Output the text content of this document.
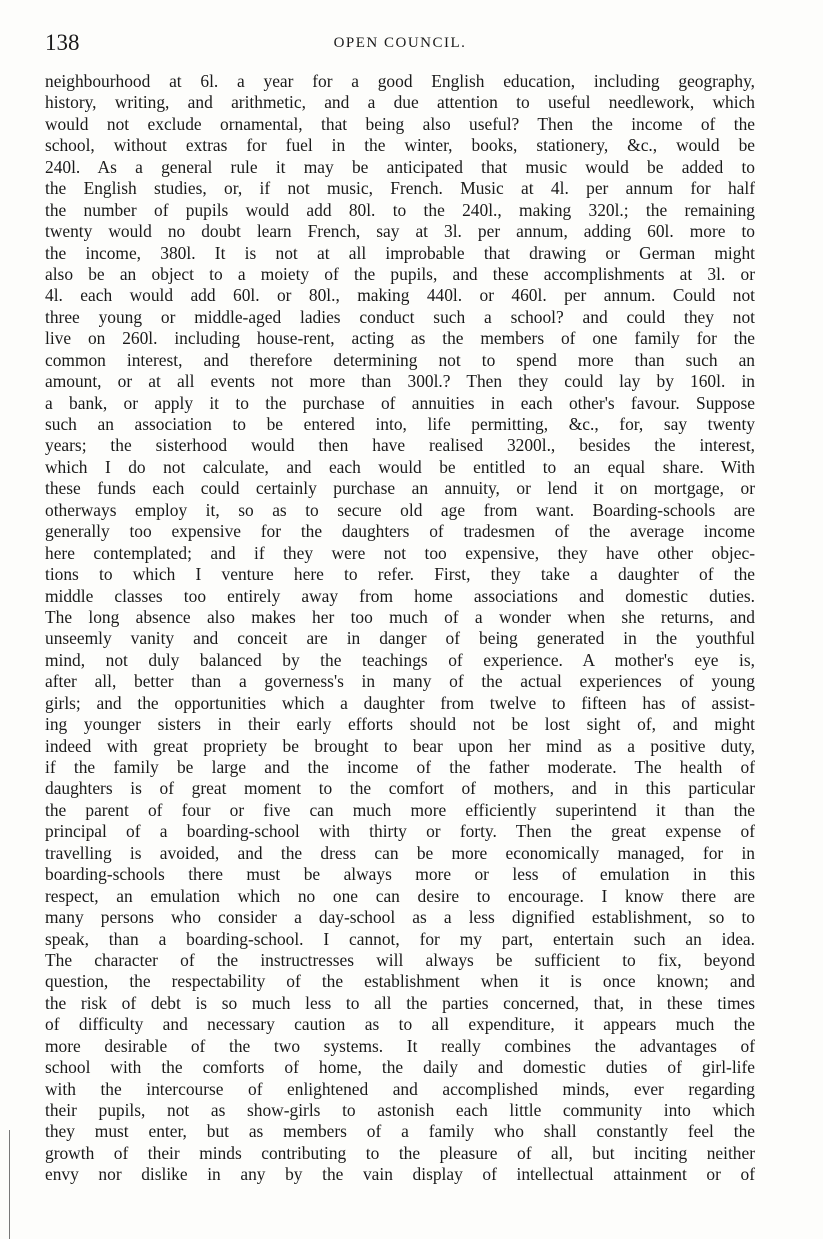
138	OPEN COUNCIL.
neighbourhood at 6l. a year for a good English education, including geography,
history, writing, and arithmetic, and a due attention to useful needlework, which
would not exclude ornamental, that being also useful? Then the income of the
school, without extras for fuel in the winter, books, stationery, &c., would be
240l. As a general rule it may be anticipated that music would be added to
the English studies, or, if not music, French. Music at 4l. per annum for half
the number of pupils would add 80l. to the 240l., making 320l.; the remaining
twenty would no doubt learn French, say at 3l. per annum, adding 60l. more to
the income, 380l. It is not at all improbable that drawing or German might
also be an object to a moiety of the pupils, and these accomplishments at 3l. or
4l. each would add 60l. or 80l., making 440l. or 460l. per annum. Could not
three young or middle-aged ladies conduct such a school? and could they not
live on 260l. including house-rent, acting as the members of one family for the
common interest, and therefore determining not to spend more than such an
amount, or at all events not more than 300l.? Then they could lay by 160l. in
a bank, or apply it to the purchase of annuities in each other's favour. Suppose
such an association to be entered into, life permitting, &c., for, say twenty
years; the sisterhood would then have realised 3200l., besides the interest,
which I do not calculate, and each would be entitled to an equal share. With
these funds each could certainly purchase an annuity, or lend it on mortgage, or
otherways employ it, so as to secure old age from want. Boarding-schools are
generally too expensive for the daughters of tradesmen of the average income
here contemplated; and if they were not too expensive, they have other objec-
tions to which I venture here to refer. First, they take a daughter of the
middle classes too entirely away from home associations and domestic duties.
The long absence also makes her too much of a wonder when she returns, and
unseemly vanity and conceit are in danger of being generated in the youthful
mind, not duly balanced by the teachings of experience. A mother's eye is,
after all, better than a governess's in many of the actual experiences of young
girls; and the opportunities which a daughter from twelve to fifteen has of assist-
ing younger sisters in their early efforts should not be lost sight of, and might
indeed with great propriety be brought to bear upon her mind as a positive duty,
if the family be large and the income of the father moderate. The health of
daughters is of great moment to the comfort of mothers, and in this particular
the parent of four or five can much more efficiently superintend it than the
principal of a boarding-school with thirty or forty. Then the great expense of
travelling is avoided, and the dress can be more economically managed, for in
boarding-schools there must be always more or less of emulation in this
respect, an emulation which no one can desire to encourage. I know there are
many persons who consider a day-school as a less dignified establishment, so to
speak, than a boarding-school. I cannot, for my part, entertain such an idea.
The character of the instructresses will always be sufficient to fix, beyond
question, the respectability of the establishment when it is once known; and
the risk of debt is so much less to all the parties concerned, that, in these times
of difficulty and necessary caution as to all expenditure, it appears much the
more desirable of the two systems. It really combines the advantages of
school with the comforts of home, the daily and domestic duties of girl-life
with the intercourse of enlightened and accomplished minds, ever regarding
their pupils, not as show-girls to astonish each little community into which
they must enter, but as members of a family who shall constantly feel the
growth of their minds contributing to the pleasure of all, but inciting neither
envy nor dislike in any by the vain display of intellectual attainment or of
